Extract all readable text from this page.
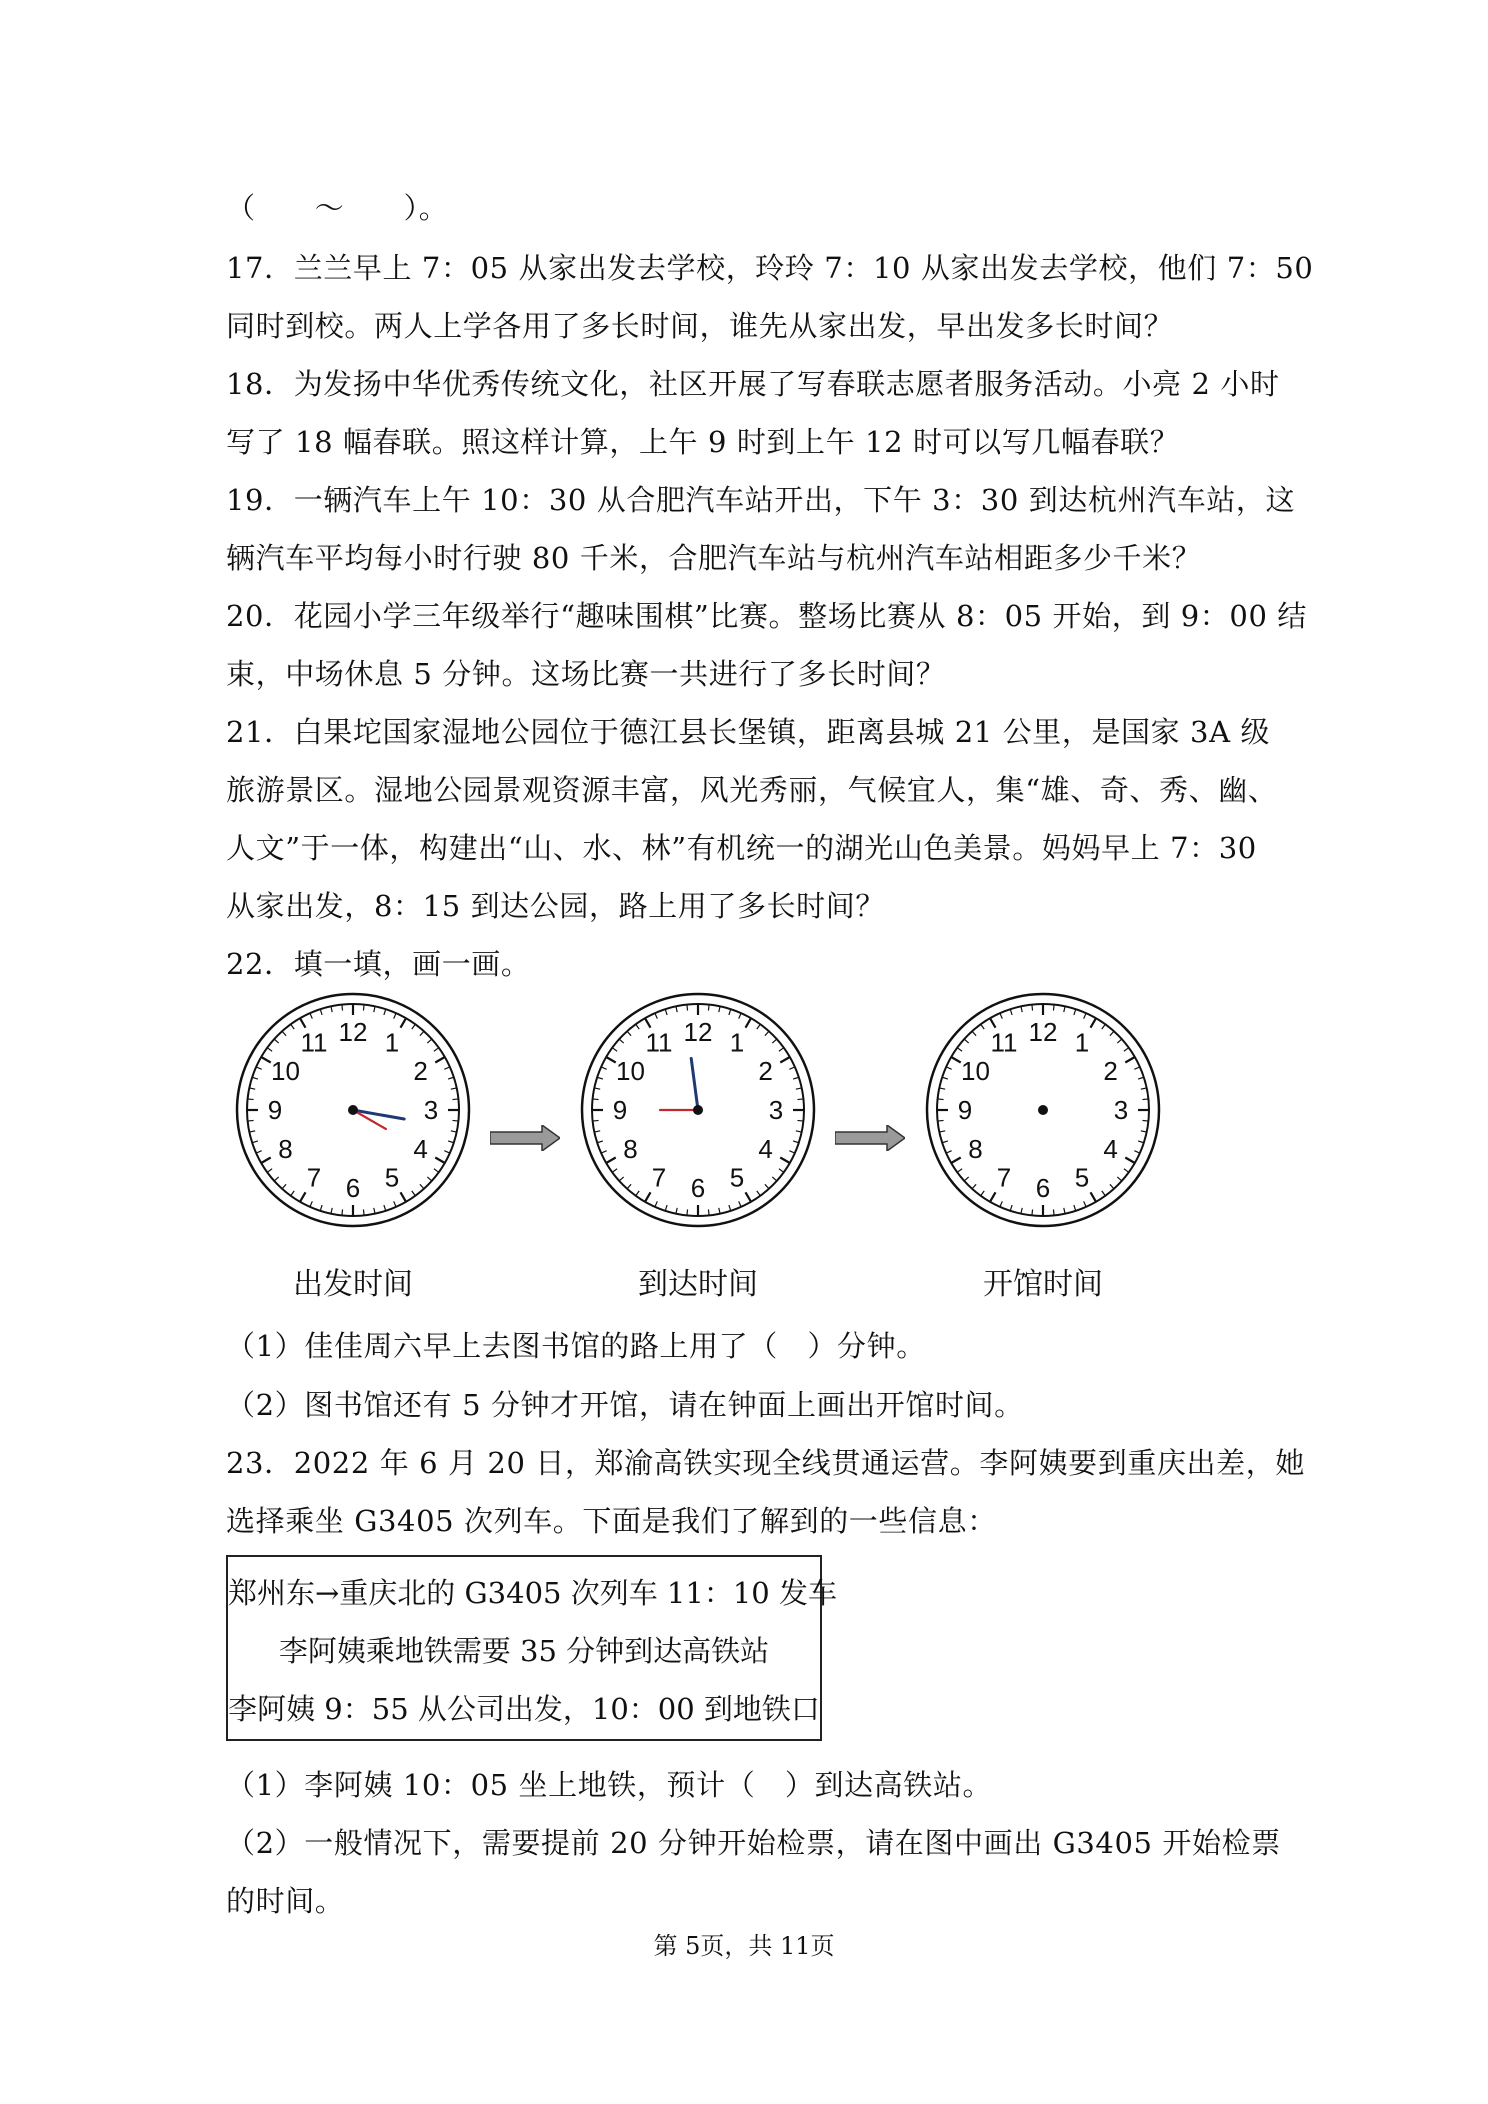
（　　～　　）。
17．兰兰早上 7：05 从家出发去学校，玲玲 7：10 从家出发去学校，他们 7：50
同时到校。两人上学各用了多长时间，谁先从家出发，早出发多长时间？
18．为发扬中华优秀传统文化，社区开展了写春联志愿者服务活动。小亮 2 小时
写了 18 幅春联。照这样计算，上午 9 时到上午 12 时可以写几幅春联？
19．一辆汽车上午 10：30 从合肥汽车站开出，下午 3：30 到达杭州汽车站，这
辆汽车平均每小时行驶 80 千米，合肥汽车站与杭州汽车站相距多少千米？
20．花园小学三年级举行“趣味围棋”比赛。整场比赛从 8：05 开始，到 9：00 结
束，中场休息 5 分钟。这场比赛一共进行了多长时间？
21．白果坨国家湿地公园位于德江县长堡镇，距离县城 21 公里，是国家 3A 级
旅游景区。湿地公园景观资源丰富，风光秀丽，气候宜人，集“雄、奇、秀、幽、
人文”于一体，构建出“山、水、林”有机统一的湖光山色美景。妈妈早上 7：30
从家出发，8：15 到达公园，路上用了多长时间？
22．填一填，画一画。
12 1
2
3
4
5
6
7
8
9
10
11
出发时间
12 1
2
3
4
5
6
7
8
9
10
11
到达时间
12 1
2
3
4
5
6
7
8
9
10
11
开馆时间
（1）佳佳周六早上去图书馆的路上用了（　）分钟。
（2）图书馆还有 5 分钟才开馆，请在钟面上画出开馆时间。
23．2022 年 6 月 20 日，郑渝高铁实现全线贯通运营。李阿姨要到重庆出差，她
选择乘坐 G3405 次列车。下面是我们了解到的一些信息：
郑州东→重庆北的 G3405 次列车 11：10 发车
李阿姨乘地铁需要 35 分钟到达高铁站
李阿姨 9：55 从公司出发，10：00 到地铁口
（1）李阿姨 10：05 坐上地铁，预计（　）到达高铁站。
（2）一般情况下，需要提前 20 分钟开始检票，请在图中画出 G3405 开始检票
的时间。
第 5页，共 11页
